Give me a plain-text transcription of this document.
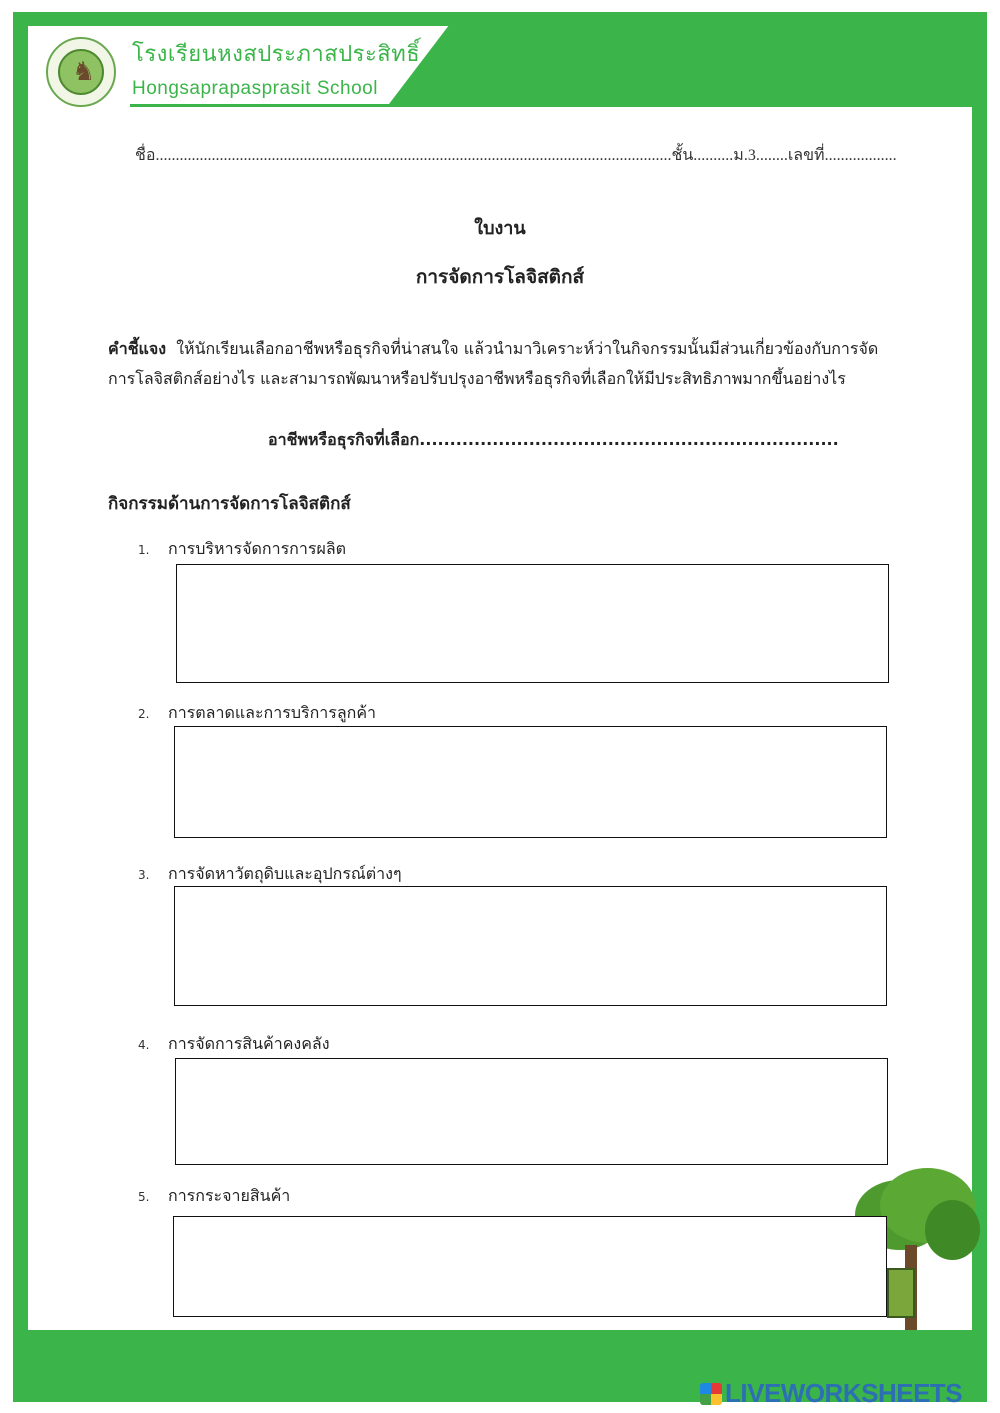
♞
โรงเรียนหงสประภาสประสิทธิ์
Hongsaprapasprasit School
ชื่อ.................................................................................................................................ชั้น..........ม.3........เลขที่..................
ใบงาน
การจัดการโลจิสติกส์
คำชี้แจง ให้นักเรียนเลือกอาชีพหรือธุรกิจที่น่าสนใจ แล้วนำมาวิเคราะห์ว่าในกิจกรรมนั้นมีส่วนเกี่ยวข้องกับการจัดการโลจิสติกส์อย่างไร และสามารถพัฒนาหรือปรับปรุงอาชีพหรือธุรกิจที่เลือกให้มีประสิทธิภาพมากขึ้นอย่างไร
อาชีพหรือธุรกิจที่เลือก.....................................................................
กิจกรรมด้านการจัดการโลจิสติกส์
1. การบริหารจัดการการผลิต
2. การตลาดและการบริการลูกค้า
3. การจัดหาวัตถุดิบและอุปกรณ์ต่างๆ
4. การจัดการสินค้าคงคลัง
5. การกระจายสินค้า
LIVEWORKSHEETS
